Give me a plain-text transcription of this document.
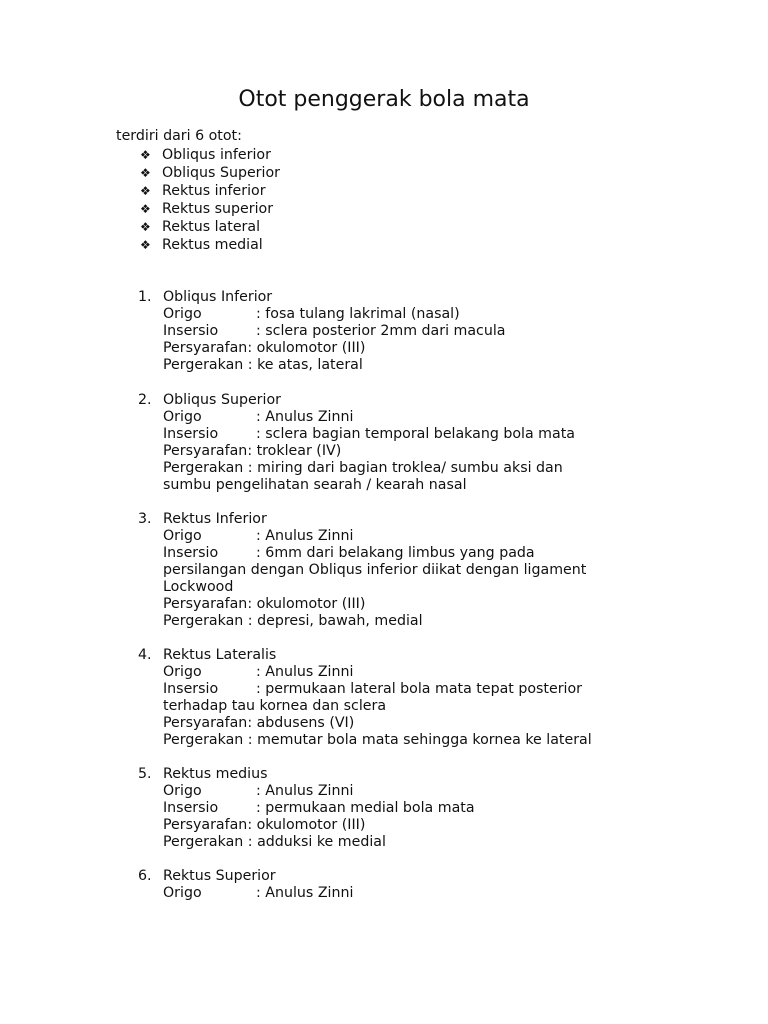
Otot penggerak bola mata
terdiri dari 6 otot:
❖ Obliqus inferior
❖ Obliqus Superior
❖ Rektus inferior
❖ Rektus superior
❖ Rektus lateral
❖ Rektus medial
1. Obliqus Inferior
Origo	: fosa tulang lakrimal (nasal)
Insersio	: sclera posterior 2mm dari macula
Persyarafan : okulomotor (III)
Pergerakan : ke atas, lateral
2. Obliqus Superior
Origo	: Anulus Zinni
Insersio	: sclera bagian temporal belakang bola mata
Persyarafan : troklear (IV)
Pergerakan : miring dari bagian troklea/ sumbu aksi dan
sumbu pengelihatan searah / kearah nasal
3. Rektus Inferior
Origo	: Anulus Zinni
Insersio	: 6mm dari belakang limbus yang pada
persilangan dengan Obliqus inferior diikat dengan ligament
Lockwood
Persyarafan : okulomotor (III)
Pergerakan : depresi, bawah, medial
4. Rektus Lateralis
Origo	: Anulus Zinni
Insersio	: permukaan lateral bola mata tepat posterior
terhadap tau kornea dan sclera
Persyarafan : abdusens (VI)
Pergerakan : memutar bola mata sehingga kornea ke lateral
5. Rektus medius
Origo	: Anulus Zinni
Insersio	: permukaan medial bola mata
Persyarafan : okulomotor (III)
Pergerakan : adduksi ke medial
6. Rektus Superior
Origo	: Anulus Zinni
